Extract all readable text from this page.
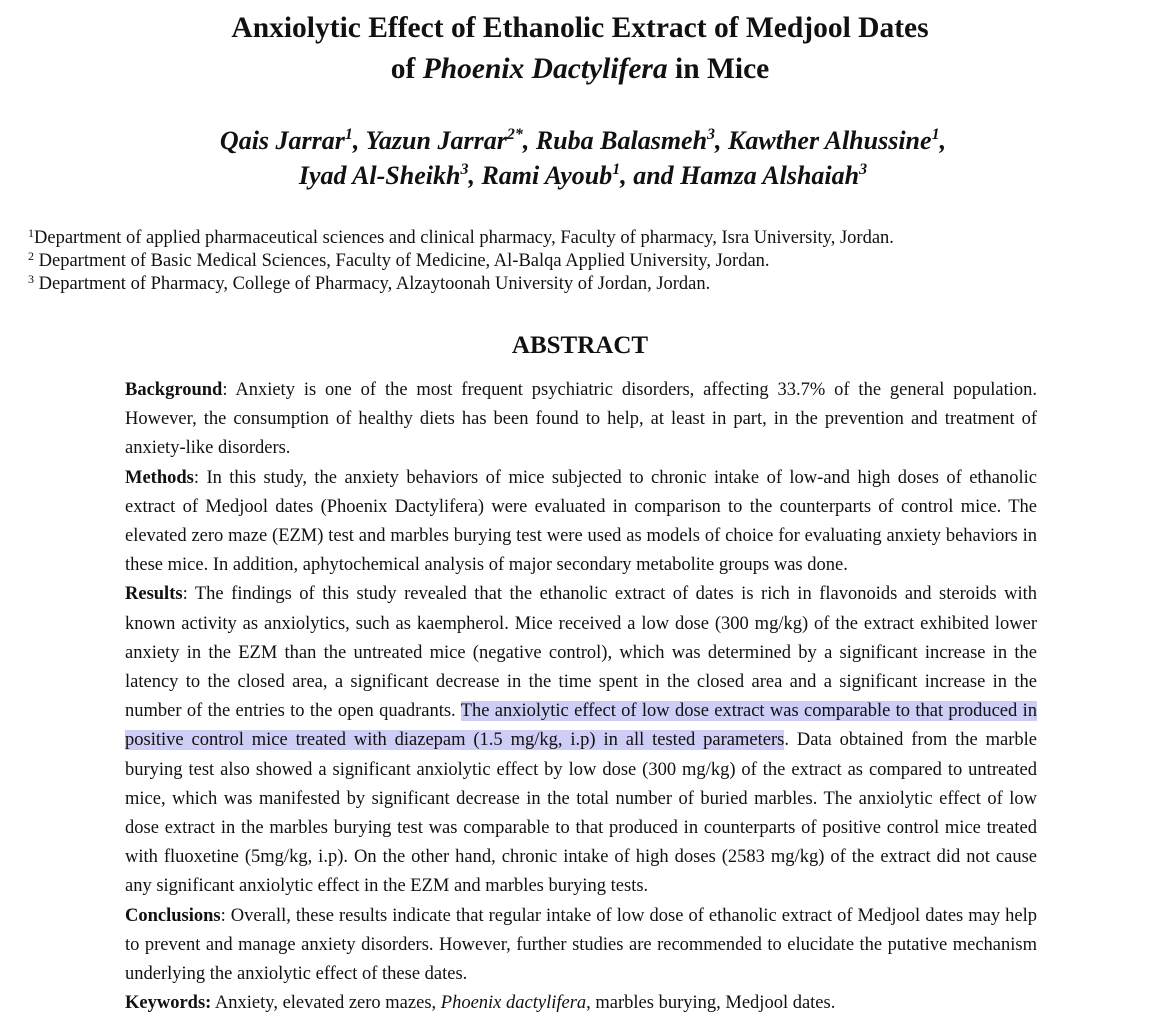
Anxiolytic Effect of Ethanolic Extract of Medjool Dates
of Phoenix Dactylifera in Mice
Qais Jarrar$^1$, Yazun Jarrar$^{2*}$, Ruba Balasmeh$^3$, Kawther Alhussine$^1$,
Iyad Al-Sheikh$^3$, Rami Ayoub$^1$, and Hamza Alshaiah$^3$
$^1$Department of applied pharmaceutical sciences and clinical pharmacy, Faculty of pharmacy, Isra University, Jordan.
$^2$ Department of Basic Medical Sciences, Faculty of Medicine, Al-Balqa Applied University, Jordan.
$^3$ Department of Pharmacy, College of Pharmacy, Alzaytoonah University of Jordan, Jordan.
ABSTRACT

Background: Anxiety is one of the most frequent psychiatric disorders, affecting 33.7% of the general population. However, the consumption of healthy diets has been found to help, at least in part, in the prevention and treatment of anxiety-like disorders.

Methods: In this study, the anxiety behaviors of mice subjected to chronic intake of low-and high doses of ethanolic extract of Medjool dates (Phoenix Dactylifera) were evaluated in comparison to the counterparts of control mice. The elevated zero maze (EZM) test and marbles burying test were used as models of choice for evaluating anxiety behaviors in these mice. In addition, aphytochemical analysis of major secondary metabolite groups was done.

Results: The findings of this study revealed that the ethanolic extract of dates is rich in flavonoids and steroids with known activity as anxiolytics, such as kaempherol. Mice received a low dose (300 mg/kg) of the extract exhibited lower anxiety in the EZM than the untreated mice (negative control), which was determined by a significant increase in the latency to the closed area, a significant decrease in the time spent in the closed area and a significant increase in the number of the entries to the open quadrants. The anxiolytic effect of low dose extract was comparable to that produced in positive control mice treated with diazepam (1.5 mg/kg, i.p) in all tested parameters. Data obtained from the marble burying test also showed a significant anxiolytic effect by low dose (300 mg/kg) of the extract as compared to untreated mice, which was manifested by significant decrease in the total number of buried marbles. The anxiolytic effect of low dose extract in the marbles burying test was comparable to that produced in counterparts of positive control mice treated with fluoxetine (5mg/kg, i.p). On the other hand, chronic intake of high doses (2583 mg/kg) of the extract did not cause any significant anxiolytic effect in the EZM and marbles burying tests.

Conclusions: Overall, these results indicate that regular intake of low dose of ethanolic extract of Medjool dates may help to prevent and manage anxiety disorders. However, further studies are recommended to elucidate the putative mechanism underlying the anxiolytic effect of these dates.

Keywords: Anxiety, elevated zero mazes, Phoenix dactylifera, marbles burying, Medjool dates.
